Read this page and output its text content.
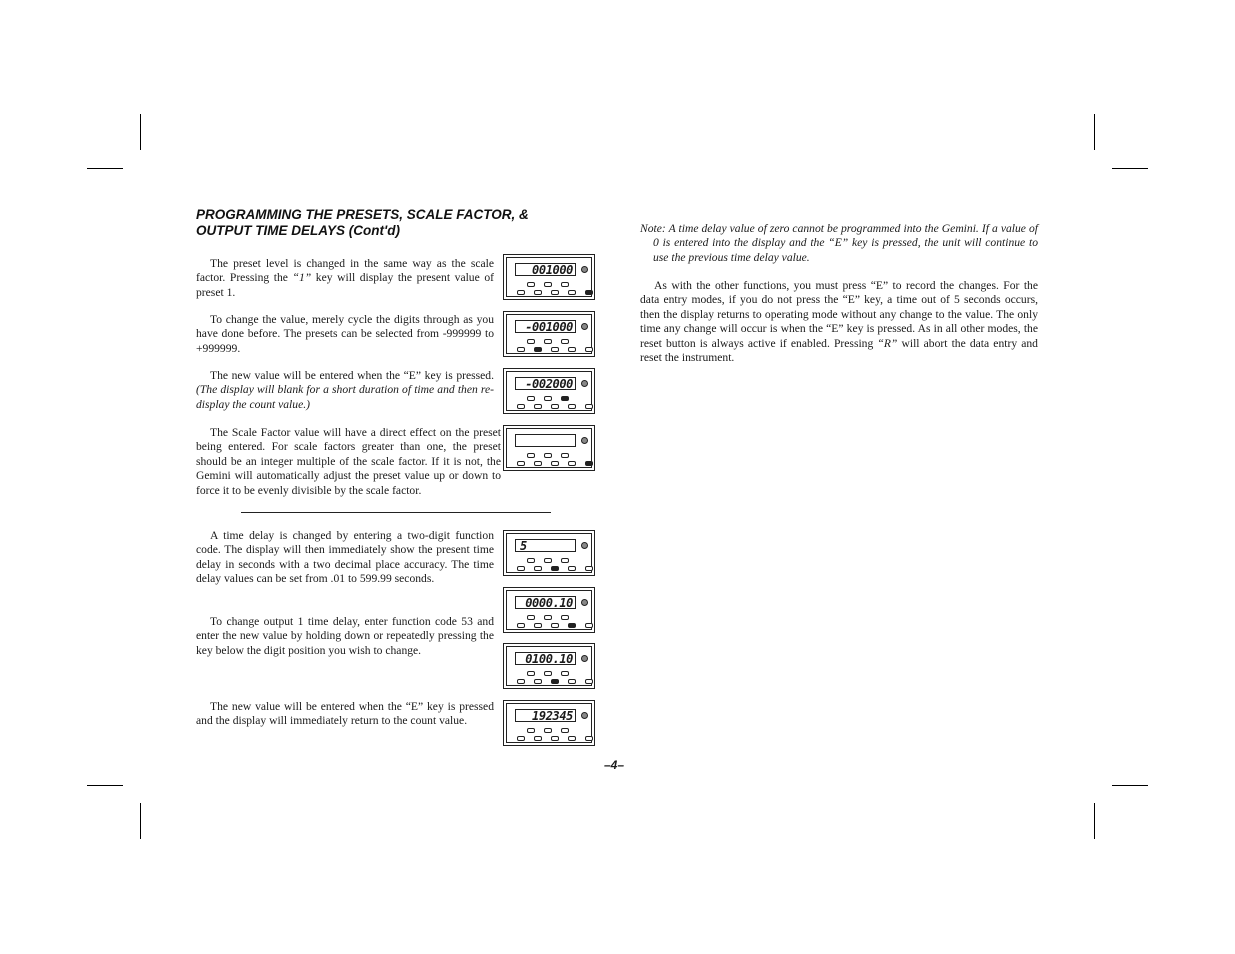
PROGRAMMING THE PRESETS, SCALE FACTOR, &
OUTPUT TIME DELAYS (Cont'd)

The preset level is changed in the same way as the scale factor. Pressing the “1” key will display the present value of preset 1.

To change the value, merely cycle the digits through as you have done before. The presets can be selected from -999999 to +999999.

The new value will be entered when the “E” key is pressed. (The display will blank for a short duration of time and then re-display the count value.)

The Scale Factor value will have a direct effect on the preset being entered. For scale factors greater than one, the preset should be an integer multiple of the scale factor. If it is not, the Gemini will automatically adjust the preset value up or down to force it to be evenly divisible by the scale factor.

A time delay is changed by entering a two-digit function code. The display will then immediately show the present time delay in seconds with a two decimal place accuracy. The time delay values can be set from .01 to 599.99 seconds.

To change output 1 time delay, enter function code 53 and enter the new value by holding down or repeatedly pressing the key below the digit position you wish to change.

The new value will be entered when the “E” key is pressed and the display will immediately return to the count value.

001000
-001000
-002000
5
0000.10
0100.10
192345

Note: A time delay value of zero cannot be programmed into the Gemini. If a value of 0 is entered into the display and the “E” key is pressed, the unit will continue to use the previous time delay value.

As with the other functions, you must press “E” to record the changes. For the data entry modes, if you do not press the “E” key, a time out of 5 seconds occurs, then the display returns to operating mode without any change to the value. The only time any change will occur is when the “E” key is pressed. As in all other modes, the reset button is always active if enabled. Pressing “R” will abort the data entry and reset the instrument.

–4–
